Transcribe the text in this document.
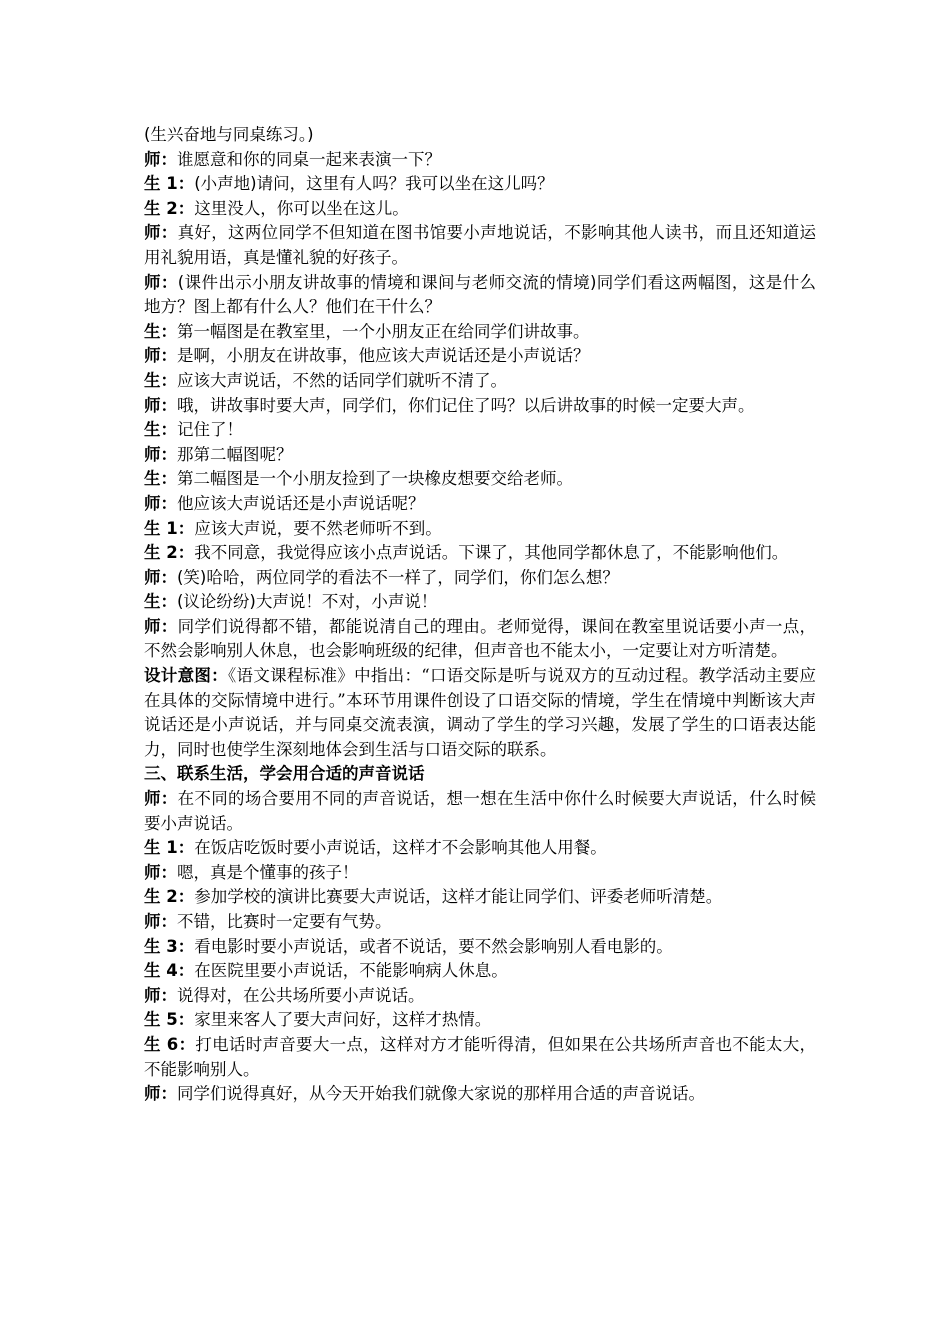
(生兴奋地与同桌练习。)

师：谁愿意和你的同桌一起来表演一下？

生 1：(小声地)请问，这里有人吗？我可以坐在这儿吗？

生 2：这里没人，你可以坐在这儿。

师：真好，这两位同学不但知道在图书馆要小声地说话，不影响其他人读书，而且还知道运用礼貌用语，真是懂礼貌的好孩子。

师：(课件出示小朋友讲故事的情境和课间与老师交流的情境)同学们看这两幅图，这是什么地方？图上都有什么人？他们在干什么？

生：第一幅图是在教室里，一个小朋友正在给同学们讲故事。

师：是啊，小朋友在讲故事，他应该大声说话还是小声说话？

生：应该大声说话，不然的话同学们就听不清了。

师：哦，讲故事时要大声，同学们，你们记住了吗？以后讲故事的时候一定要大声。

生：记住了！

师：那第二幅图呢？

生：第二幅图是一个小朋友捡到了一块橡皮想要交给老师。

师：他应该大声说话还是小声说话呢？

生 1：应该大声说，要不然老师听不到。

生 2：我不同意，我觉得应该小点声说话。下课了，其他同学都休息了，不能影响他们。

师：(笑)哈哈，两位同学的看法不一样了，同学们，你们怎么想？

生：(议论纷纷)大声说！不对，小声说！

师：同学们说得都不错，都能说清自己的理由。老师觉得，课间在教室里说话要小声一点，不然会影响别人休息，也会影响班级的纪律，但声音也不能太小，一定要让对方听清楚。

设计意图：《语文课程标准》中指出：“口语交际是听与说双方的互动过程。教学活动主要应在具体的交际情境中进行。”本环节用课件创设了口语交际的情境，学生在情境中判断该大声说话还是小声说话，并与同桌交流表演，调动了学生的学习兴趣，发展了学生的口语表达能力，同时也使学生深刻地体会到生活与口语交际的联系。

三、联系生活，学会用合适的声音说话

师：在不同的场合要用不同的声音说话，想一想在生活中你什么时候要大声说话，什么时候要小声说话。

生 1：在饭店吃饭时要小声说话，这样才不会影响其他人用餐。

师：嗯，真是个懂事的孩子！

生 2：参加学校的演讲比赛要大声说话，这样才能让同学们、评委老师听清楚。

师：不错，比赛时一定要有气势。

生 3：看电影时要小声说话，或者不说话，要不然会影响别人看电影的。

生 4：在医院里要小声说话，不能影响病人休息。

师：说得对，在公共场所要小声说话。

生 5：家里来客人了要大声问好，这样才热情。

生 6：打电话时声音要大一点，这样对方才能听得清，但如果在公共场所声音也不能太大，不能影响别人。

师：同学们说得真好，从今天开始我们就像大家说的那样用合适的声音说话。
